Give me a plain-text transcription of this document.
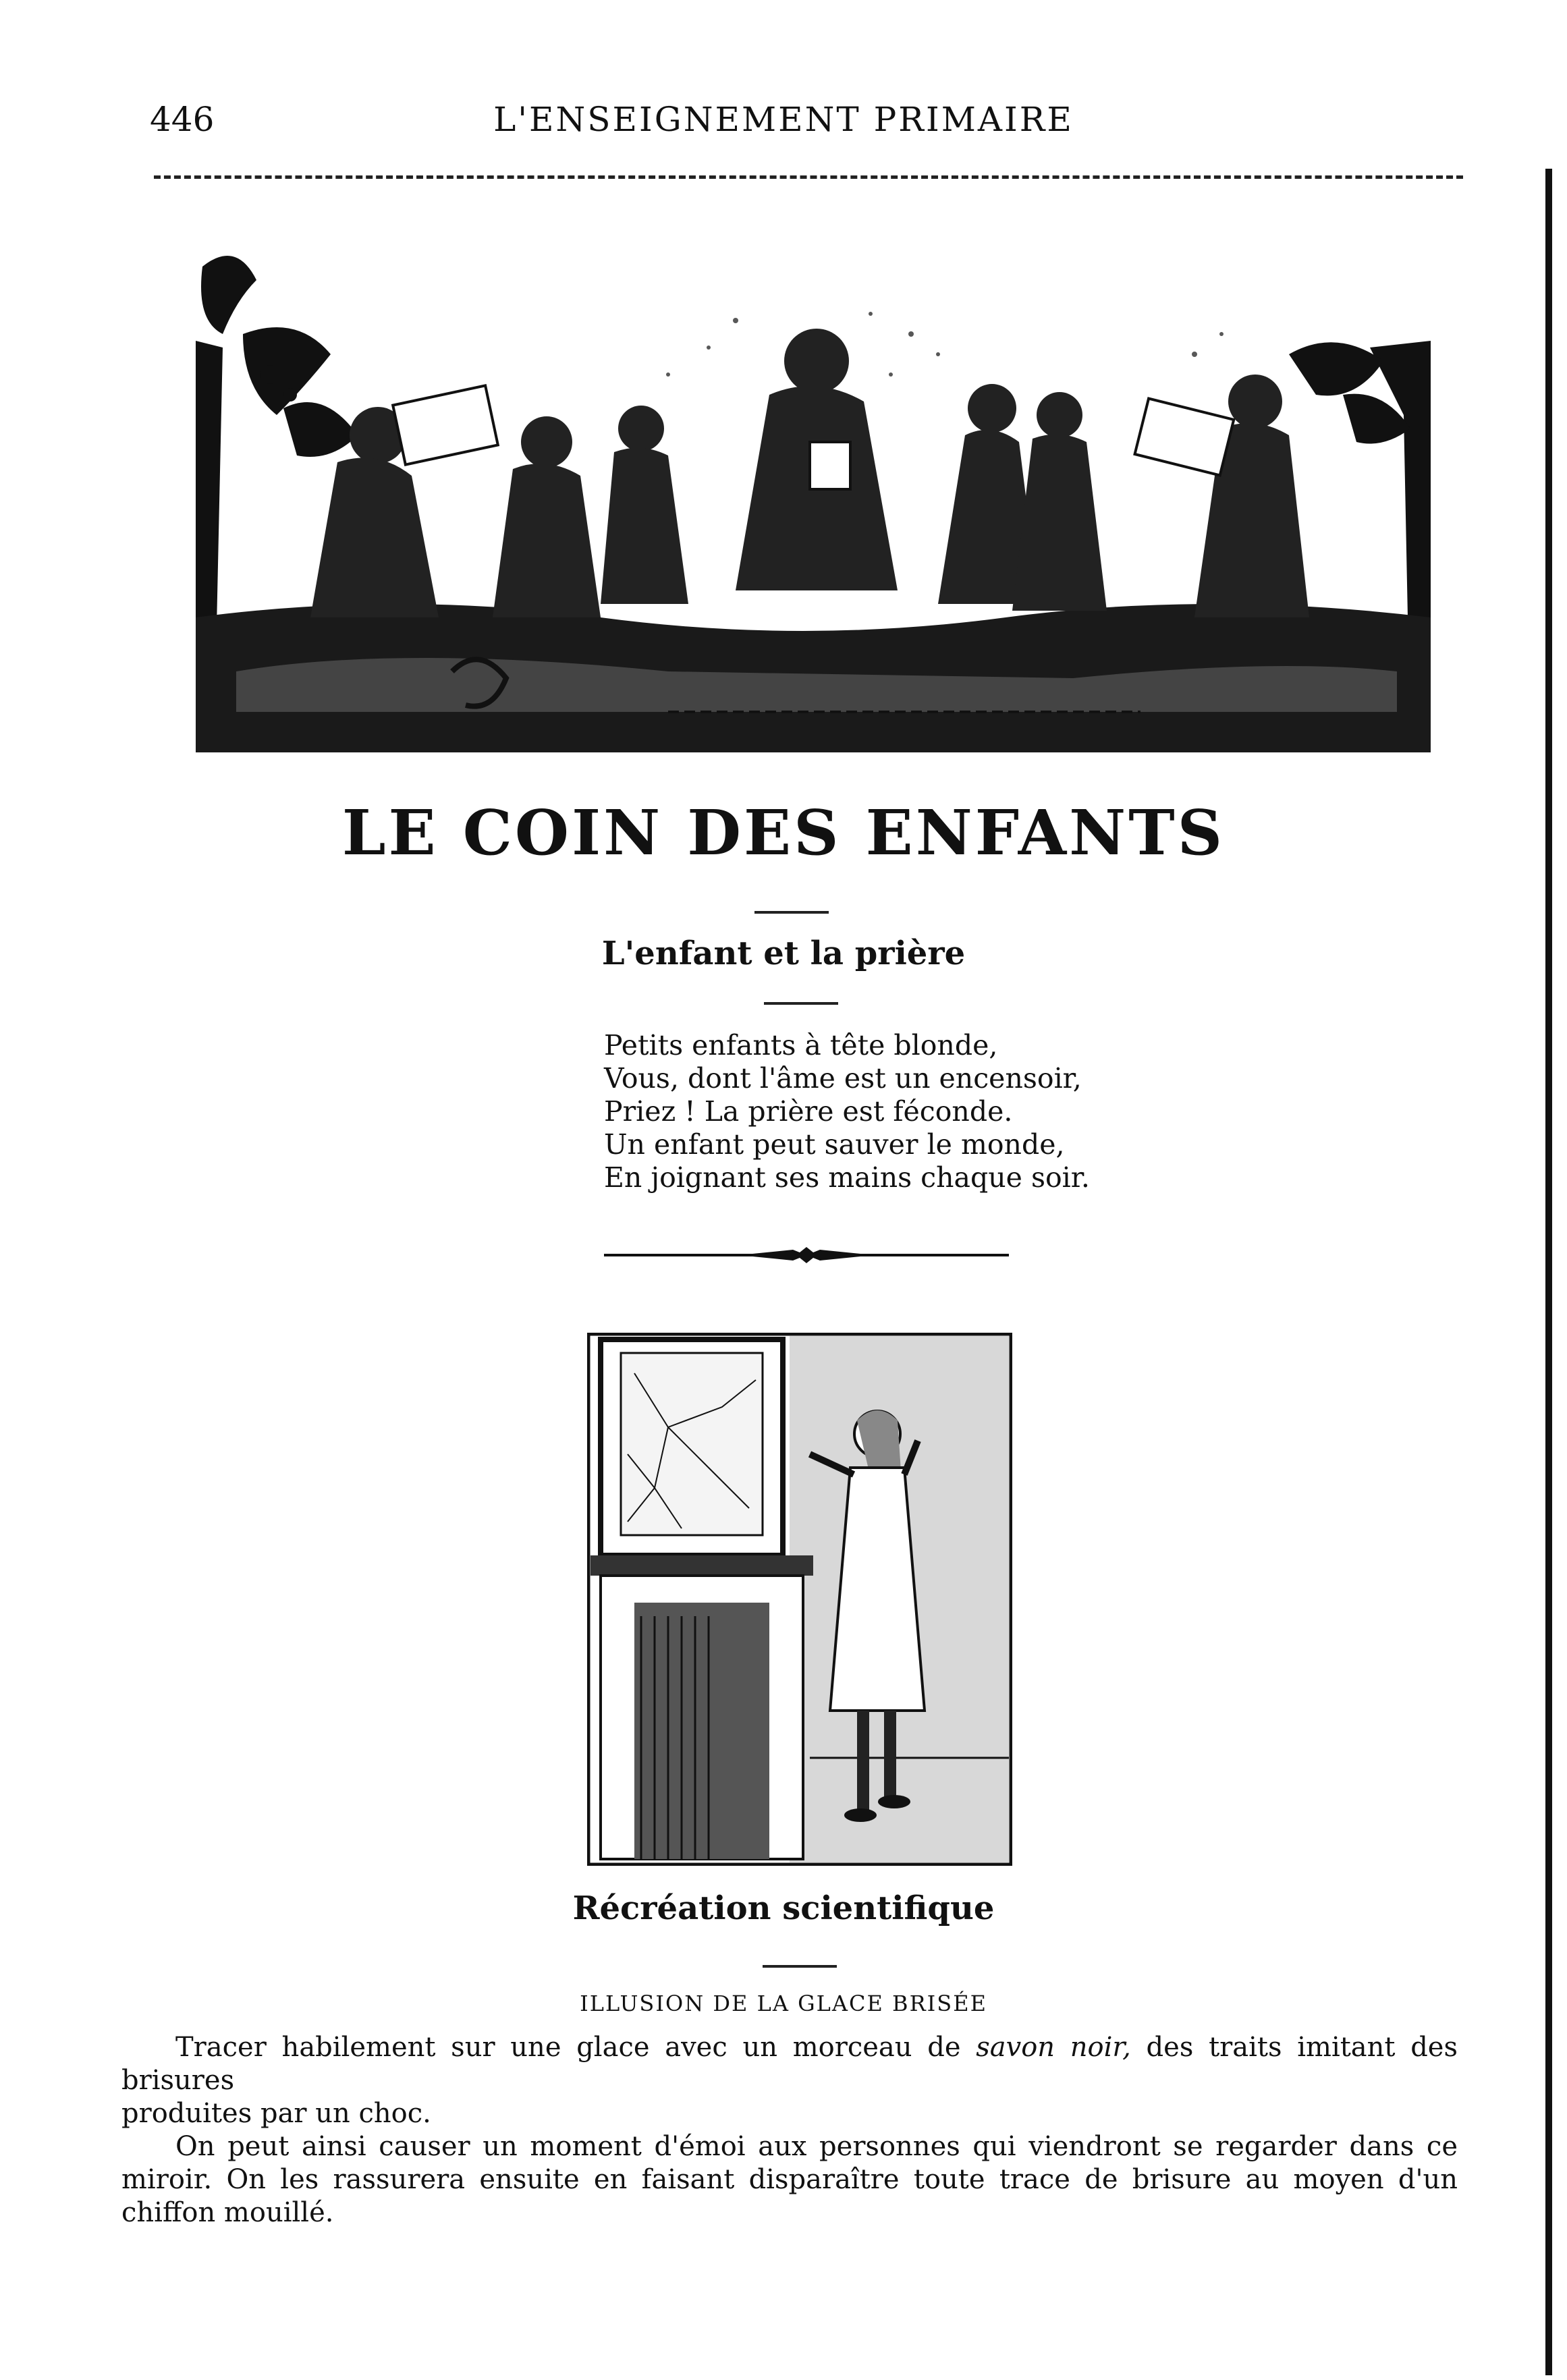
446	L'ENSEIGNEMENT PRIMAIRE
LE COIN DES ENFANTS
L'enfant et la prière
Petits enfants à tête blonde,
Vous, dont l'âme est un encensoir,
Priez ! La prière est féconde.
Un enfant peut sauver le monde,
En joignant ses mains chaque soir.
Récréation scientifique
ILLUSION DE LA GLACE BRISÉE

Tracer habilement sur une glace avec un morceau de savon noir, des traits imitant des brisures

produites par un choc.

On peut ainsi causer un moment d'émoi aux personnes qui viendront se regarder dans ce miroir. On les rassurera ensuite en faisant disparaître toute trace de brisure au moyen d'un chiffon mouillé.
